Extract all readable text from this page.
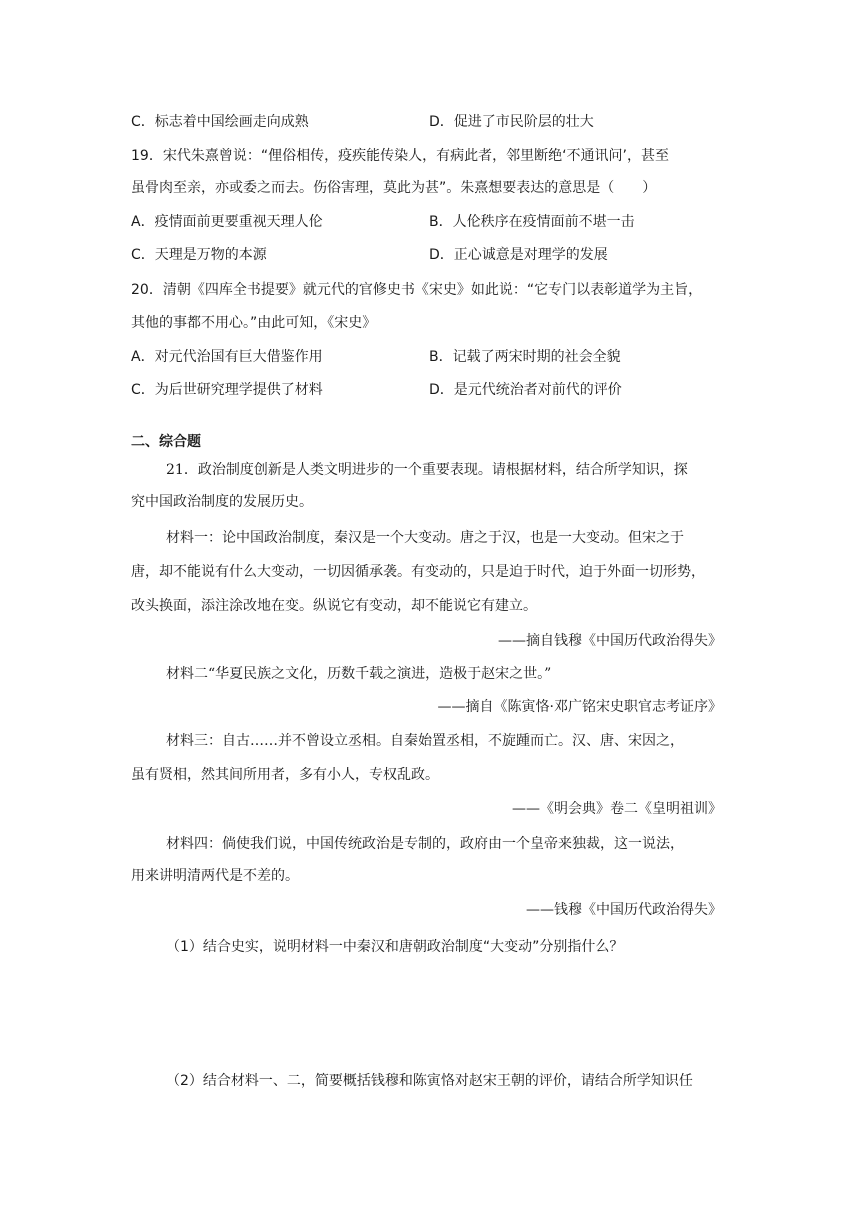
C．标志着中国绘画走向成熟	D．促进了市民阶层的壮大
19．宋代朱熹曾说：“俚俗相传，疫疾能传染人，有病此者，邻里断绝‘不通讯问’，甚至
虽骨肉至亲，亦或委之而去。伤俗害理，莫此为甚”。朱熹想要表达的意思是（　　）
A．疫情面前更要重视天理人伦	B．人伦秩序在疫情面前不堪一击
C．天理是万物的本源	D．正心诚意是对理学的发展
20．清朝《四库全书提要》就元代的官修史书《宋史》如此说：“它专门以表彰道学为主旨，
其他的事都不用心。”由此可知，《宋史》
A．对元代治国有巨大借鉴作用	B．记载了两宋时期的社会全貌
C．为后世研究理学提供了材料	D．是元代统治者对前代的评价
二、综合题
21．政治制度创新是人类文明进步的一个重要表现。请根据材料，结合所学知识，探
究中国政治制度的发展历史。
材料一：论中国政治制度，秦汉是一个大变动。唐之于汉，也是一大变动。但宋之于
唐，却不能说有什么大变动，一切因循承袭。有变动的，只是迫于时代，迫于外面一切形势，
改头换面，添注涂改地在变。纵说它有变动，却不能说它有建立。
——摘自钱穆《中国历代政治得失》
材料二“华夏民族之文化，历数千载之演进，造极于赵宋之世。”
——摘自《陈寅恪·邓广铭宋史职官志考证序》
材料三：自古……并不曾设立丞相。自秦始置丞相，不旋踵而亡。汉、唐、宋因之，
虽有贤相，然其间所用者，多有小人，专权乱政。
——《明会典》卷二《皇明祖训》
材料四：倘使我们说，中国传统政治是专制的，政府由一个皇帝来独裁，这一说法，
用来讲明清两代是不差的。
——钱穆《中国历代政治得失》
（1）结合史实，说明材料一中秦汉和唐朝政治制度“大变动”分别指什么？
（2）结合材料一、二，简要概括钱穆和陈寅恪对赵宋王朝的评价，请结合所学知识任
